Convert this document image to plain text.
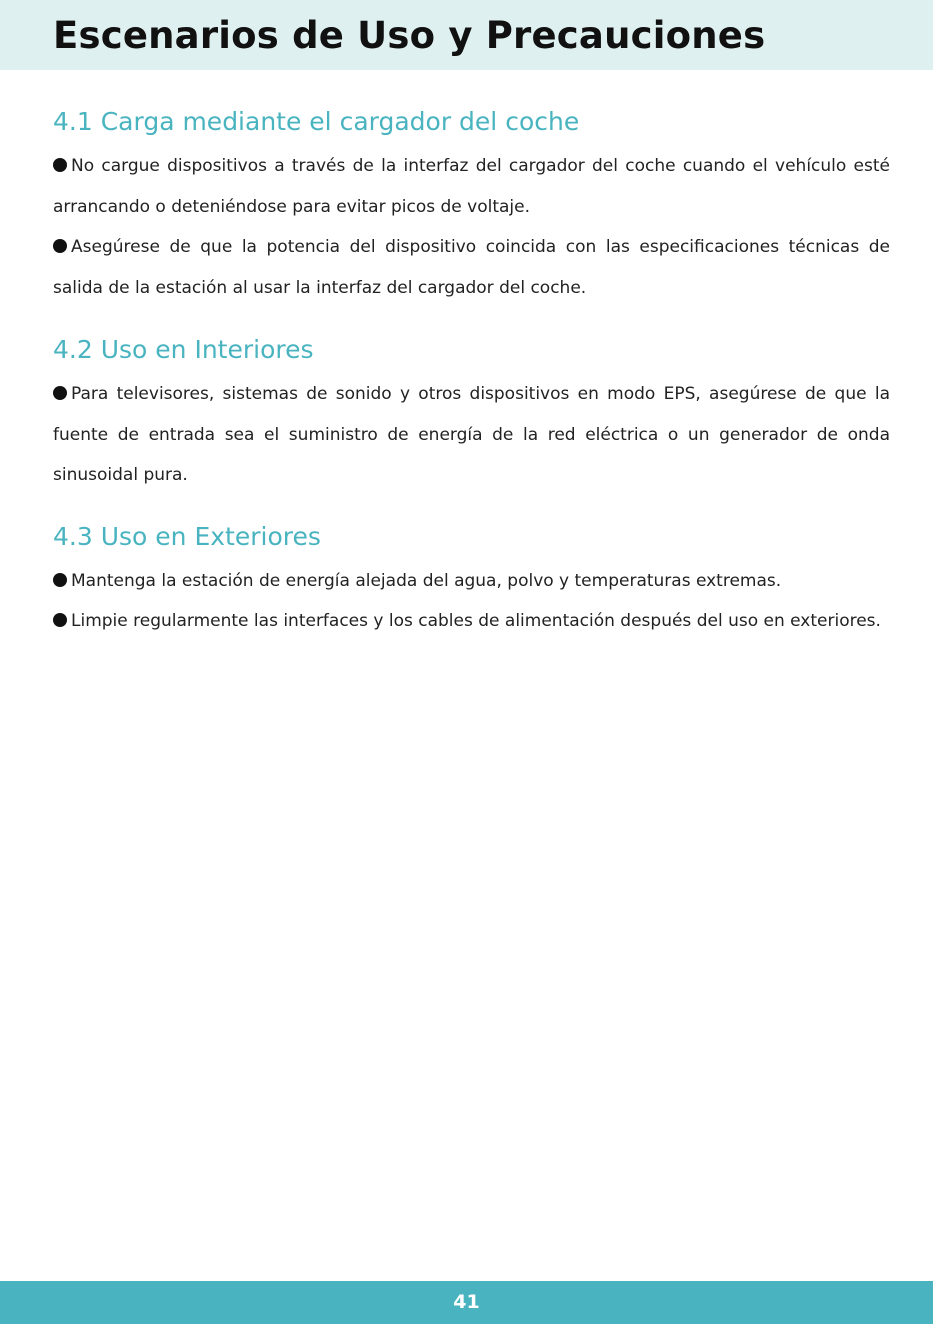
Escenarios de Uso y Precauciones
4.1 Carga mediante el cargador del coche

No cargue dispositivos a través de la interfaz del cargador del coche cuando el vehículo esté arrancando o deteniéndose para evitar picos de voltaje.

Asegúrese de que la potencia del dispositivo coincida con las especificaciones técnicas de salida de la estación al usar la interfaz del cargador del coche.

4.2 Uso en Interiores

Para televisores, sistemas de sonido y otros dispositivos en modo EPS, asegúrese de que la fuente de entrada sea el suministro de energía de la red eléctrica o un generador de onda sinusoidal pura.

4.3 Uso en Exteriores

Mantenga la estación de energía alejada del agua, polvo y temperaturas extremas.

Limpie regularmente las interfaces y los cables de alimentación después del uso en exteriores.

41
